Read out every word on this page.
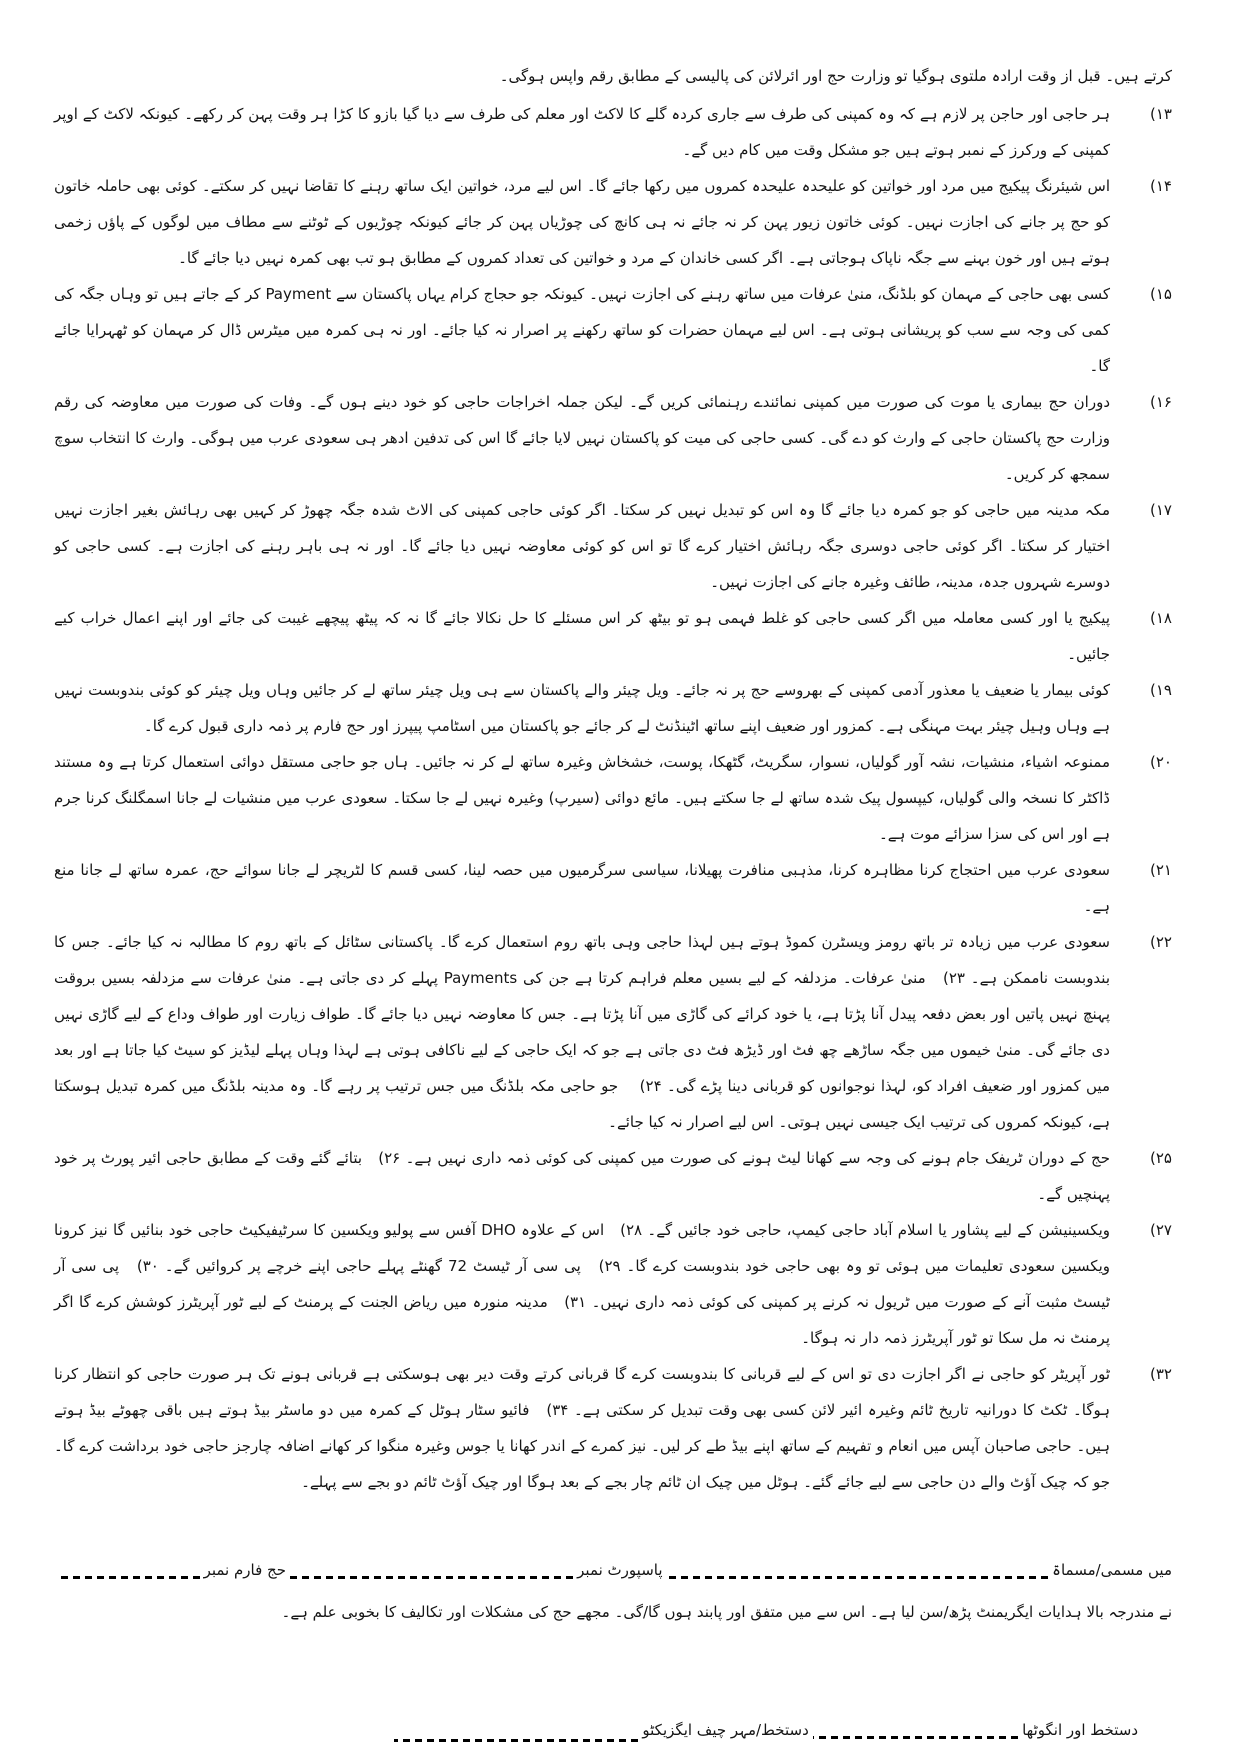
کرتے ہیں۔ قبل از وقت ارادہ ملتوی ہوگیا تو وزارت حج اور ائرلائن کی پالیسی کے مطابق رقم واپس ہوگی۔

۱۳)
ہر حاجی اور حاجن پر لازم ہے کہ وہ کمپنی کی طرف سے جاری کردہ گلے کا لاکٹ اور معلم کی طرف سے دیا گیا بازو کا کڑا ہر وقت پہن کر رکھے۔ کیونکہ لاکٹ کے اوپر کمپنی کے ورکرز کے نمبر ہوتے ہیں جو مشکل وقت میں کام دیں گے۔
۱۴)
اس شیئرنگ پیکیج میں مرد اور خواتین کو علیحدہ علیحدہ کمروں میں رکھا جائے گا۔ اس لیے مرد، خواتین ایک ساتھ رہنے کا تقاضا نہیں کر سکتے۔ کوئی بھی حاملہ خاتون کو حج پر جانے کی اجازت نہیں۔ کوئی خاتون زیور پہن کر نہ جائے نہ ہی کانچ کی چوڑیاں پہن کر جائے کیونکہ چوڑیوں کے ٹوٹنے سے مطاف میں لوگوں کے پاؤں زخمی ہوتے ہیں اور خون بہنے سے جگہ ناپاک ہوجاتی ہے۔ اگر کسی خاندان کے مرد و خواتین کی تعداد کمروں کے مطابق ہو تب بھی کمرہ نہیں دیا جائے گا۔
۱۵)
کسی بھی حاجی کے مہمان کو بلڈنگ، منیٰ عرفات میں ساتھ رہنے کی اجازت نہیں۔ کیونکہ جو حجاج کرام یہاں پاکستان سے Payment کر کے جاتے ہیں تو وہاں جگہ کی کمی کی وجہ سے سب کو پریشانی ہوتی ہے۔ اس لیے مہمان حضرات کو ساتھ رکھنے پر اصرار نہ کیا جائے۔ اور نہ ہی کمرہ میں میٹرس ڈال کر مہمان کو ٹھہرایا جائے گا۔
۱۶)
دوران حج بیماری یا موت کی صورت میں کمپنی نمائندے رہنمائی کریں گے۔ لیکن جملہ اخراجات حاجی کو خود دینے ہوں گے۔ وفات کی صورت میں معاوضہ کی رقم وزارت حج پاکستان حاجی کے وارث کو دے گی۔ کسی حاجی کی میت کو پاکستان نہیں لایا جائے گا اس کی تدفین ادھر ہی سعودی عرب میں ہوگی۔ وارث کا انتخاب سوچ سمجھ کر کریں۔
۱۷)
مکہ مدینہ میں حاجی کو جو کمرہ دیا جائے گا وہ اس کو تبدیل نہیں کر سکتا۔ اگر کوئی حاجی کمپنی کی الاٹ شدہ جگہ چھوڑ کر کہیں بھی رہائش بغیر اجازت نہیں اختیار کر سکتا۔ اگر کوئی حاجی دوسری جگہ رہائش اختیار کرے گا تو اس کو کوئی معاوضہ نہیں دیا جائے گا۔ اور نہ ہی باہر رہنے کی اجازت ہے۔ کسی حاجی کو دوسرے شہروں جدہ، مدینہ، طائف وغیرہ جانے کی اجازت نہیں۔
۱۸)
پیکیج یا اور کسی معاملہ میں اگر کسی حاجی کو غلط فہمی ہو تو بیٹھ کر اس مسئلے کا حل نکالا جائے گا نہ کہ پیٹھ پیچھے غیبت کی جائے اور اپنے اعمال خراب کیے جائیں۔
۱۹)
کوئی بیمار یا ضعیف یا معذور آدمی کمپنی کے بھروسے حج پر نہ جائے۔ ویل چیئر والے پاکستان سے ہی ویل چیئر ساتھ لے کر جائیں وہاں ویل چیئر کو کوئی بندوبست نہیں ہے وہاں وہیل چیئر بہت مہنگی ہے۔ کمزور اور ضعیف اپنے ساتھ اٹینڈنٹ لے کر جائے جو پاکستان میں اسٹامپ پیپرز اور حج فارم پر ذمہ داری قبول کرے گا۔
۲۰)
ممنوعہ اشیاء، منشیات، نشہ آور گولیاں، نسوار، سگریٹ، گٹھکا، پوست، خشخاش وغیرہ ساتھ لے کر نہ جائیں۔ ہاں جو حاجی مستقل دوائی استعمال کرتا ہے وہ مستند ڈاکٹر کا نسخہ والی گولیاں، کیپسول پیک شدہ ساتھ لے جا سکتے ہیں۔ مائع دوائی (سیرپ) وغیرہ نہیں لے جا سکتا۔ سعودی عرب میں منشیات لے جانا اسمگلنگ کرنا جرم ہے اور اس کی سزا سزائے موت ہے۔
۲۱)
سعودی عرب میں احتجاج کرنا مظاہرہ کرنا، مذہبی منافرت پھیلانا، سیاسی سرگرمیوں میں حصہ لینا، کسی قسم کا لٹریچر لے جانا سوائے حج، عمرہ ساتھ لے جانا منع ہے۔
۲۲)
سعودی عرب میں زیادہ تر باتھ رومز ویسٹرن کموڈ ہوتے ہیں لہذا حاجی وہی باتھ روم استعمال کرے گا۔ پاکستانی سٹائل کے باتھ روم کا مطالبہ نہ کیا جائے۔ جس کا بندوبست ناممکن ہے۔ ۲۳)   منیٰ عرفات۔ مزدلفہ کے لیے بسیں معلم فراہم کرتا ہے جن کی Payments پہلے کر دی جاتی ہے۔ منیٰ عرفات سے مزدلفہ بسیں بروقت پہنچ نہیں پاتیں اور بعض دفعہ پیدل آنا پڑتا ہے، یا خود کرائے کی گاڑی میں آنا پڑتا ہے۔ جس کا معاوضہ نہیں دیا جائے گا۔ طواف زیارت اور طواف وداع کے لیے گاڑی نہیں دی جائے گی۔ منیٰ خیموں میں جگہ ساڑھے چھ فٹ اور ڈیڑھ فٹ دی جاتی ہے جو کہ ایک حاجی کے لیے ناکافی ہوتی ہے لہذا وہاں پہلے لیڈیز کو سیٹ کیا جاتا ہے اور بعد میں کمزور اور ضعیف افراد کو، لہذا نوجوانوں کو قربانی دینا پڑے گی۔ ۲۴)    جو حاجی مکہ بلڈنگ میں جس ترتیب پر رہے گا۔ وہ مدینہ بلڈنگ میں کمرہ تبدیل ہوسکتا ہے، کیونکہ کمروں کی ترتیب ایک جیسی نہیں ہوتی۔ اس لیے اصرار نہ کیا جائے۔
۲۵)
حج کے دوران ٹریفک جام ہونے کی وجہ سے کھانا لیٹ ہونے کی صورت میں کمپنی کی کوئی ذمہ داری نہیں ہے۔ ۲۶)   بتائے گئے وقت کے مطابق حاجی ائیر پورٹ پر خود پہنچیں گے۔
۲۷)
ویکسینیشن کے لیے پشاور یا اسلام آباد حاجی کیمپ، حاجی خود جائیں گے۔ ۲۸)   اس کے علاوہ DHO آفس سے پولیو ویکسین کا سرٹیفیکیٹ حاجی خود بنائیں گا نیز کرونا ویکسین سعودی تعلیمات میں ہوئی تو وہ بھی حاجی خود بندوبست کرے گا۔ ۲۹)   پی سی آر ٹیسٹ 72 گھنٹے پہلے حاجی اپنے خرچے پر کروائیں گے۔ ۳۰)   پی سی آر ٹیسٹ مثبت آنے کے صورت میں ٹریول نہ کرنے پر کمپنی کی کوئی ذمہ داری نہیں۔ ۳۱)   مدینہ منورہ میں ریاض الجنت کے پرمنٹ کے لیے ٹور آپریٹرز کوشش کرے گا اگر پرمنٹ نہ مل سکا تو ٹور آپریٹرز ذمہ دار نہ ہوگا۔
۳۲)
ٹور آپریٹر کو حاجی نے اگر اجازت دی تو اس کے لیے قربانی کا بندوبست کرے گا قربانی کرتے وقت دیر بھی ہوسکتی ہے قربانی ہونے تک ہر صورت حاجی کو انتظار کرنا ہوگا۔ ٹکٹ کا دورانیہ تاریخ ٹائم وغیرہ ائیر لائن کسی بھی وقت تبدیل کر سکتی ہے۔ ۳۴)   فائیو سٹار ہوٹل کے کمرہ میں دو ماسٹر بیڈ ہوتے ہیں باقی چھوٹے بیڈ ہوتے ہیں۔ حاجی صاحبان آپس میں انعام و تفہیم کے ساتھ اپنے بیڈ طے کر لیں۔ نیز کمرے کے اندر کھانا یا جوس وغیرہ منگوا کر کھانے اضافہ چارجز حاجی خود برداشت کرے گا۔ جو کہ چیک آؤٹ والے دن حاجی سے لیے جائے گئے۔ ہوٹل میں چیک ان ٹائم چار بجے کے بعد ہوگا اور چیک آؤٹ ٹائم دو بجے سے پہلے۔
میں مسمی/مسماۃ
پاسپورٹ نمبر
حج فارم نمبر

نے مندرجہ بالا ہدایات ایگریمنٹ پڑھ/سن لیا ہے۔ اس سے میں متفق اور پابند ہوں گا/گی۔ مجھے حج کی مشکلات اور تکالیف کا بخوبی علم ہے۔

دستخط اور انگوٹھا
دستخط/مہر چیف ایگزیکٹو
